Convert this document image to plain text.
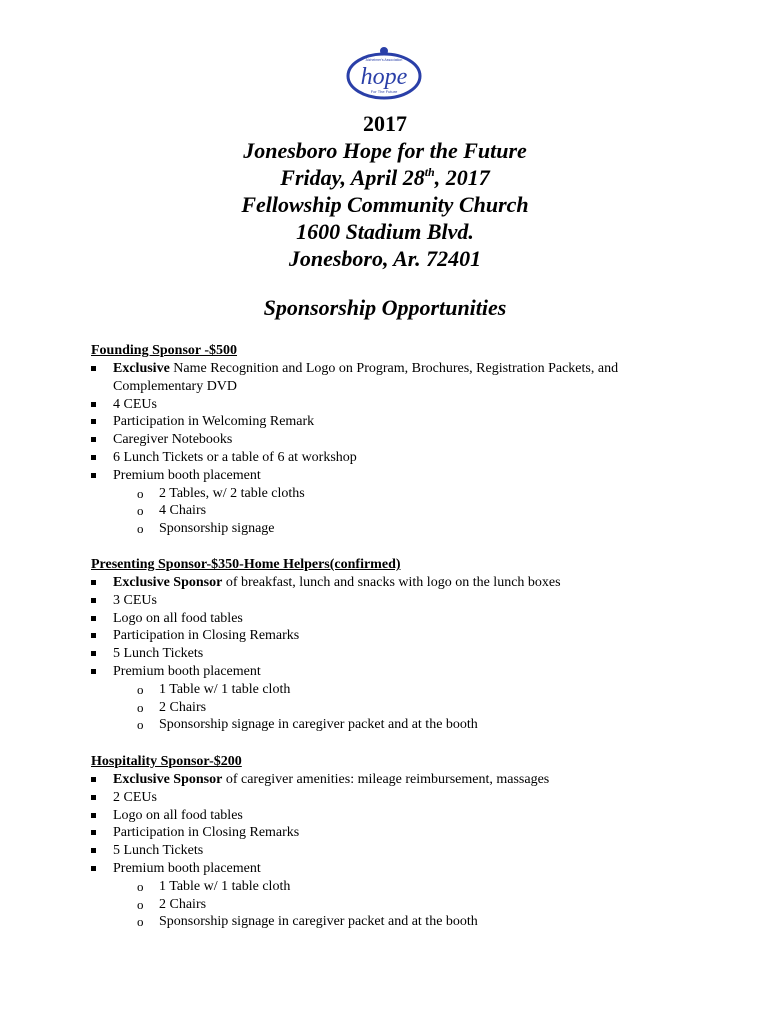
Alzheimer's Association
hope
For The Future
2017
Jonesboro Hope for the Future
Friday, April 28th, 2017
Fellowship Community Church
1600 Stadium Blvd.
Jonesboro, Ar. 72401
Sponsorship Opportunities
Founding Sponsor -$500
Exclusive Name Recognition and Logo on Program, Brochures, Registration Packets, and Complementary DVD
4 CEUs
Participation in Welcoming Remark
Caregiver Notebooks
6 Lunch Tickets or a table of 6 at workshop
Premium booth placement
o 2 Tables, w/ 2 table cloths
o 4 Chairs
o Sponsorship signage
Presenting Sponsor-$350-Home Helpers(confirmed)
Exclusive Sponsor of breakfast, lunch and snacks with logo on the lunch boxes
3 CEUs
Logo on all food tables
Participation in Closing Remarks
5 Lunch Tickets
Premium booth placement
o 1 Table w/ 1 table cloth
o 2 Chairs
o Sponsorship signage in caregiver packet and at the booth
Hospitality Sponsor-$200
Exclusive Sponsor of caregiver amenities: mileage reimbursement, massages
2 CEUs
Logo on all food tables
Participation in Closing Remarks
5 Lunch Tickets
Premium booth placement
o 1 Table w/ 1 table cloth
o 2 Chairs
o Sponsorship signage in caregiver packet and at the booth
